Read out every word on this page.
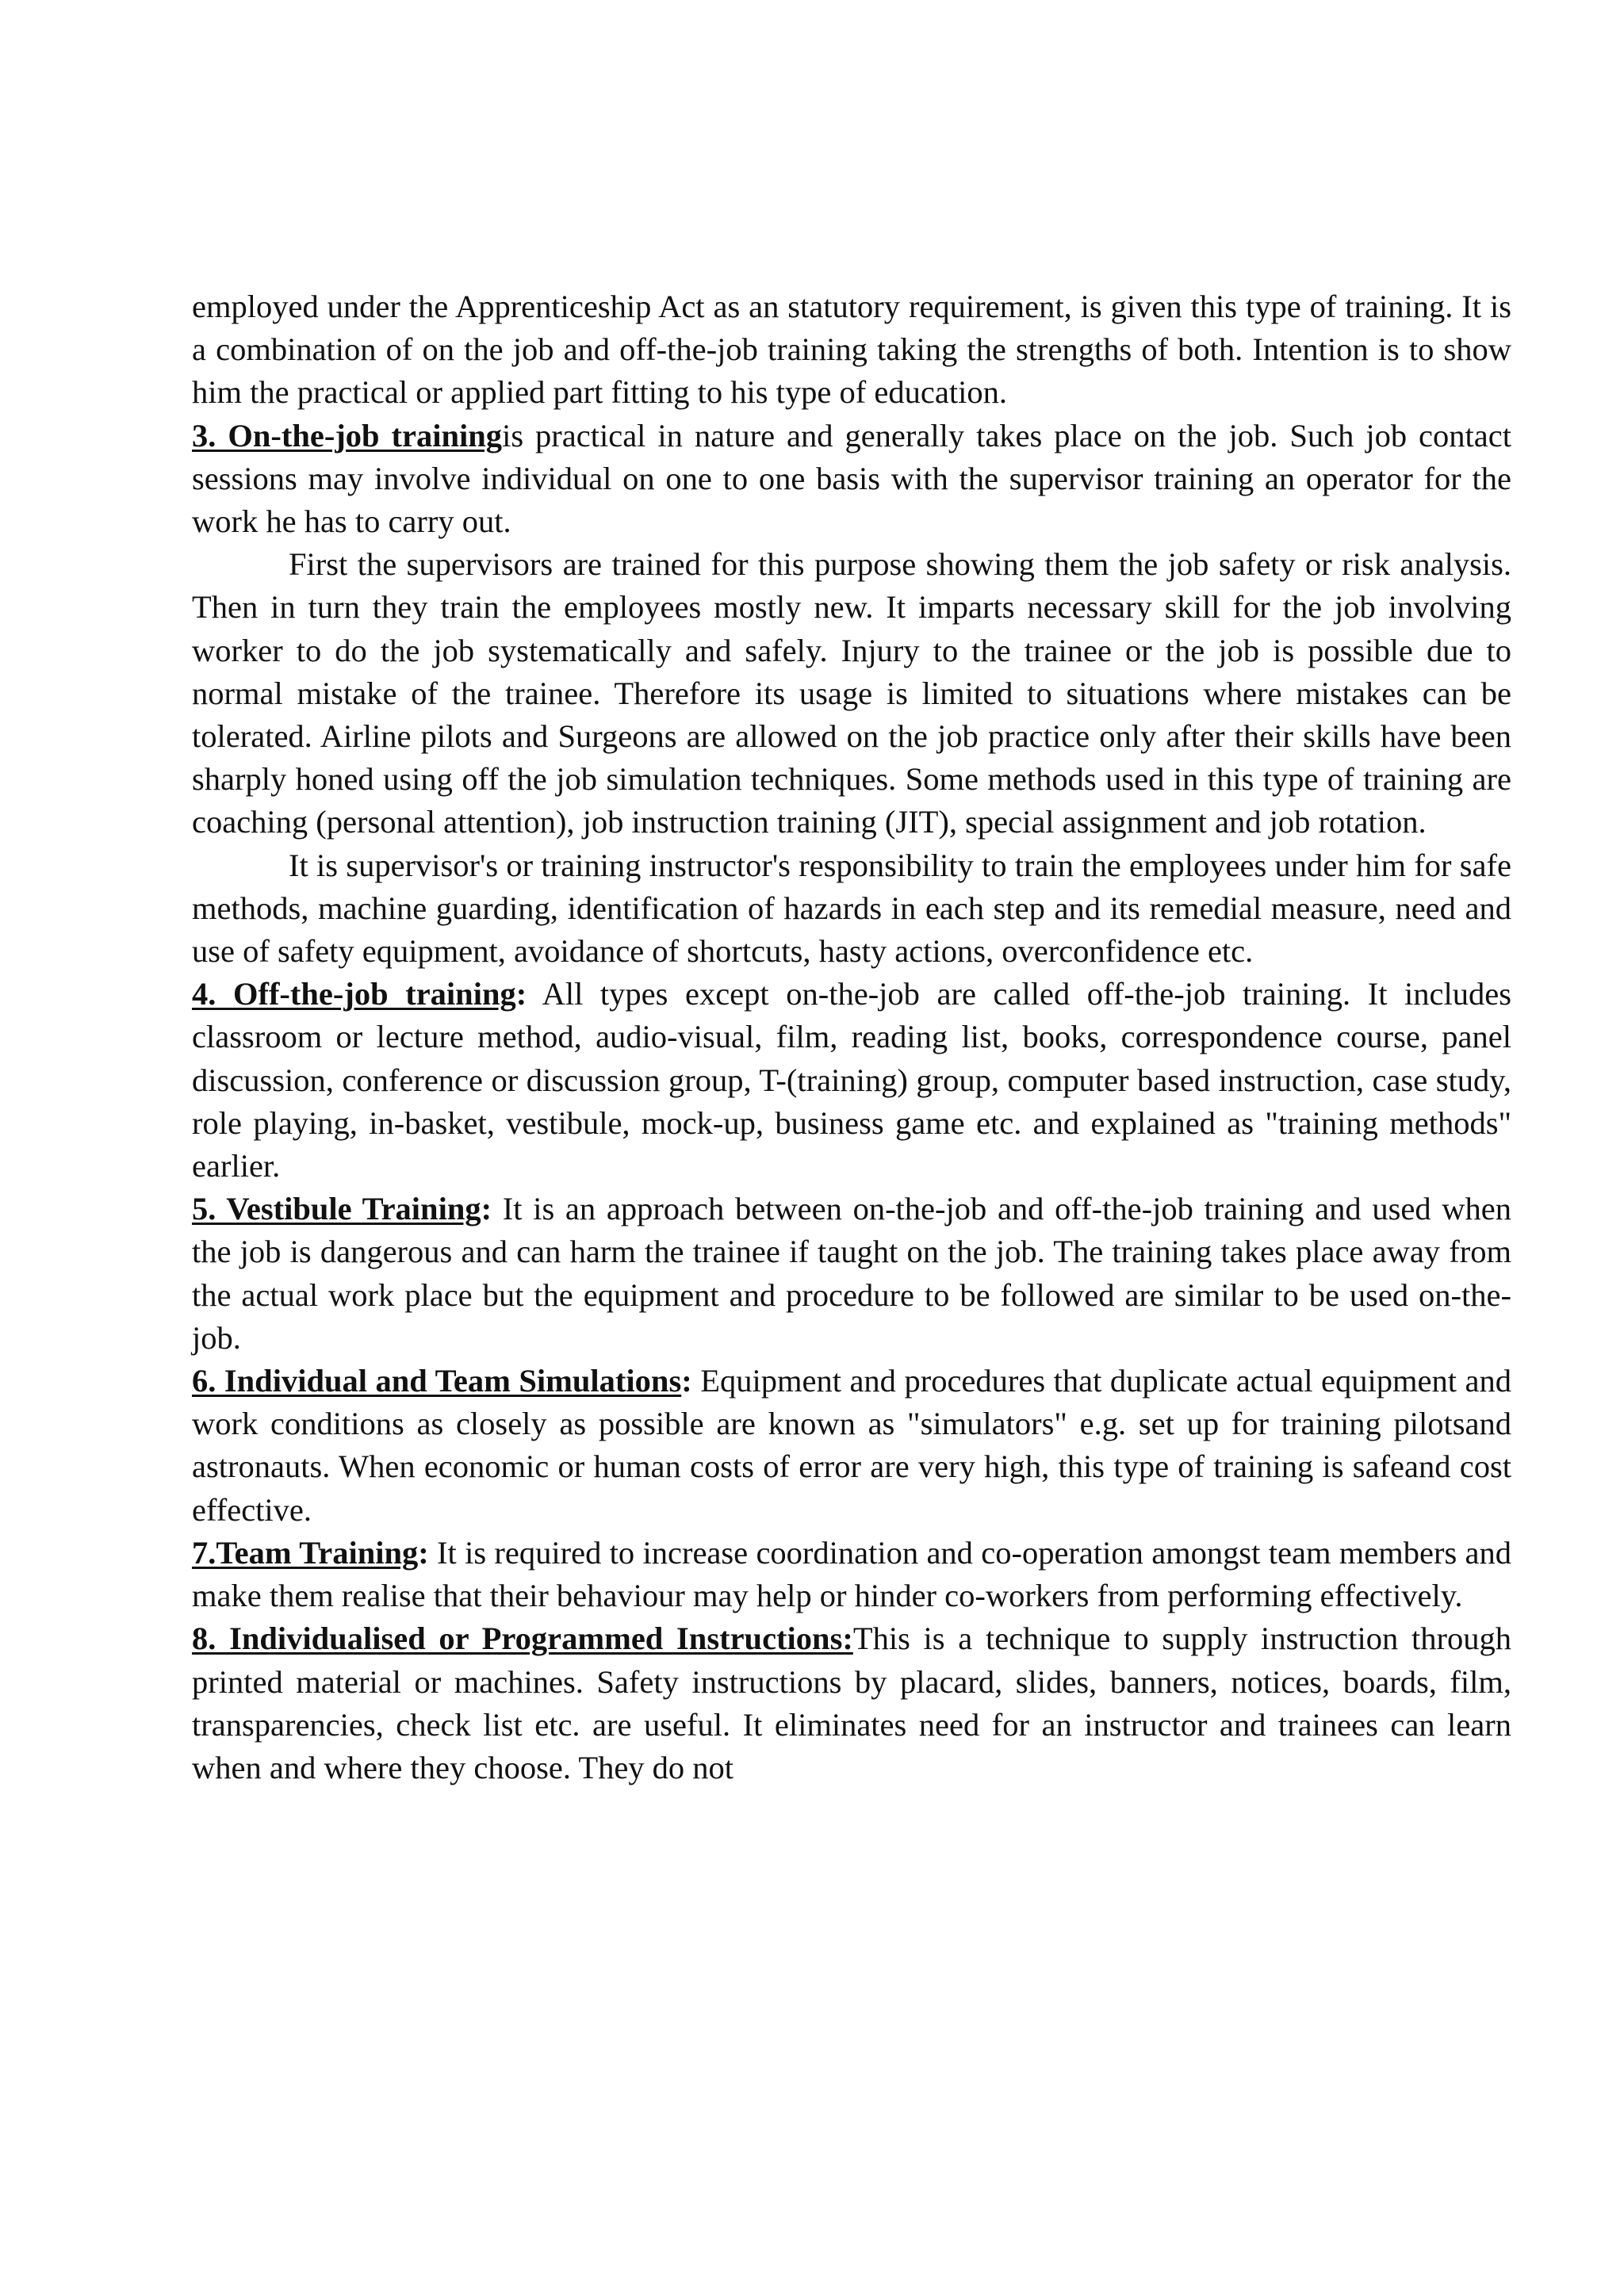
employed under the Apprenticeship Act as an statutory requirement, is given this type of training. It is a combination of on the job and off-the-job training taking the strengths of both. Intention is to show him the practical or applied part fitting to his type of education.

3. On-the-job trainingis practical in nature and generally takes place on the job. Such job contact sessions may involve individual on one to one basis with the supervisor training an operator for the work he has to carry out.

First the supervisors are trained for this purpose showing them the job safety or risk analysis. Then in turn they train the employees mostly new. It imparts necessary skill for the job involving worker to do the job systematically and safely. Injury to the trainee or the job is possible due to normal mistake of the trainee. Therefore its usage is limited to situations where mistakes can be tolerated. Airline pilots and Surgeons are allowed on the job practice only after their skills have been sharply honed using off the job simulation techniques. Some methods used in this type of training are coaching (personal attention), job instruction training (JIT), special assignment and job rotation.

It is supervisor's or training instructor's responsibility to train the employees under him for safe methods, machine guarding, identification of hazards in each step and its remedial measure, need and use of safety equipment, avoidance of shortcuts, hasty actions, overconfidence etc.

4. Off-the-job training: All types except on-the-job are called off-the-job training. It includes classroom or lecture method, audio-visual, film, reading list, books, correspondence course, panel discussion, conference or discussion group, T-(training) group, computer based instruction, case study, role playing, in-basket, vestibule, mock-up, business game etc. and explained as "training methods" earlier.

5. Vestibule Training: It is an approach between on-the-job and off-the-job training and used when the job is dangerous and can harm the trainee if taught on the job. The training takes place away from the actual work place but the equipment and procedure to be followed are similar to be used on-the-job.

6. Individual and Team Simulations: Equipment and procedures that duplicate actual equipment and work conditions as closely as possible are known as "simulators" e.g. set up for training pilotsand astronauts. When economic or human costs of error are very high, this type of training is safeand cost effective.

7.Team Training: It is required to increase coordination and co-operation amongst team members and make them realise that their behaviour may help or hinder co-workers from performing effectively.

8. Individualised or Programmed Instructions:This is a technique to supply instruction through printed material or machines. Safety instructions by placard, slides, banners, notices, boards, film, transparencies, check list etc. are useful. It eliminates need for an instructor and trainees can learn when and where they choose. They do not
